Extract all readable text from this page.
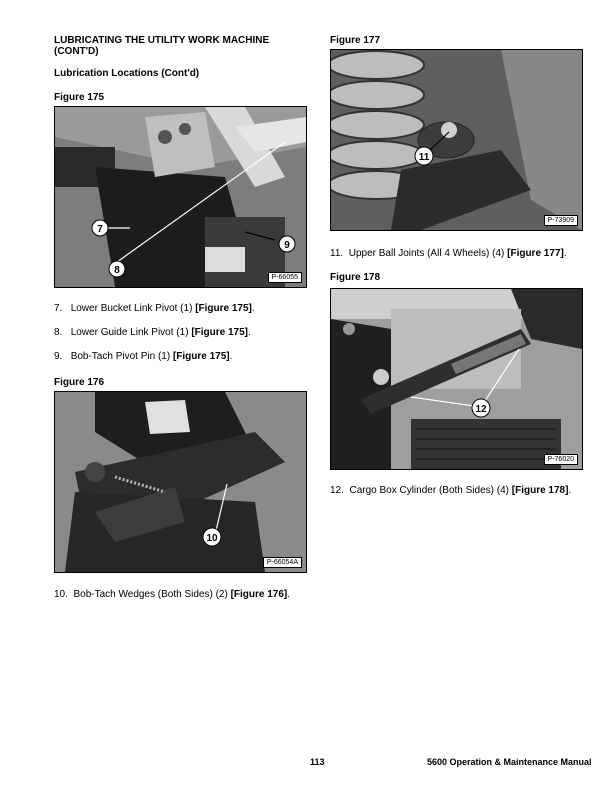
LUBRICATING THE UTILITY WORK MACHINE
(CONT'D)
Lubrication Locations (Cont'd)
Figure 175
7
8
9
P-66055
7. Lower Bucket Link Pivot (1) [Figure 175].
8. Lower Guide Link Pivot (1) [Figure 175].
9. Bob-Tach Pivot Pin (1) [Figure 175].
Figure 176
10
P-66054A
10. Bob-Tach Wedges (Both Sides) (2) [Figure 176].
Figure 177
11
P-73909
11. Upper Ball Joints (All 4 Wheels) (4) [Figure 177].
Figure 178
12
P-76020
12. Cargo Box Cylinder (Both Sides) (4) [Figure 178].
113	5600 Operation & Maintenance Manual
